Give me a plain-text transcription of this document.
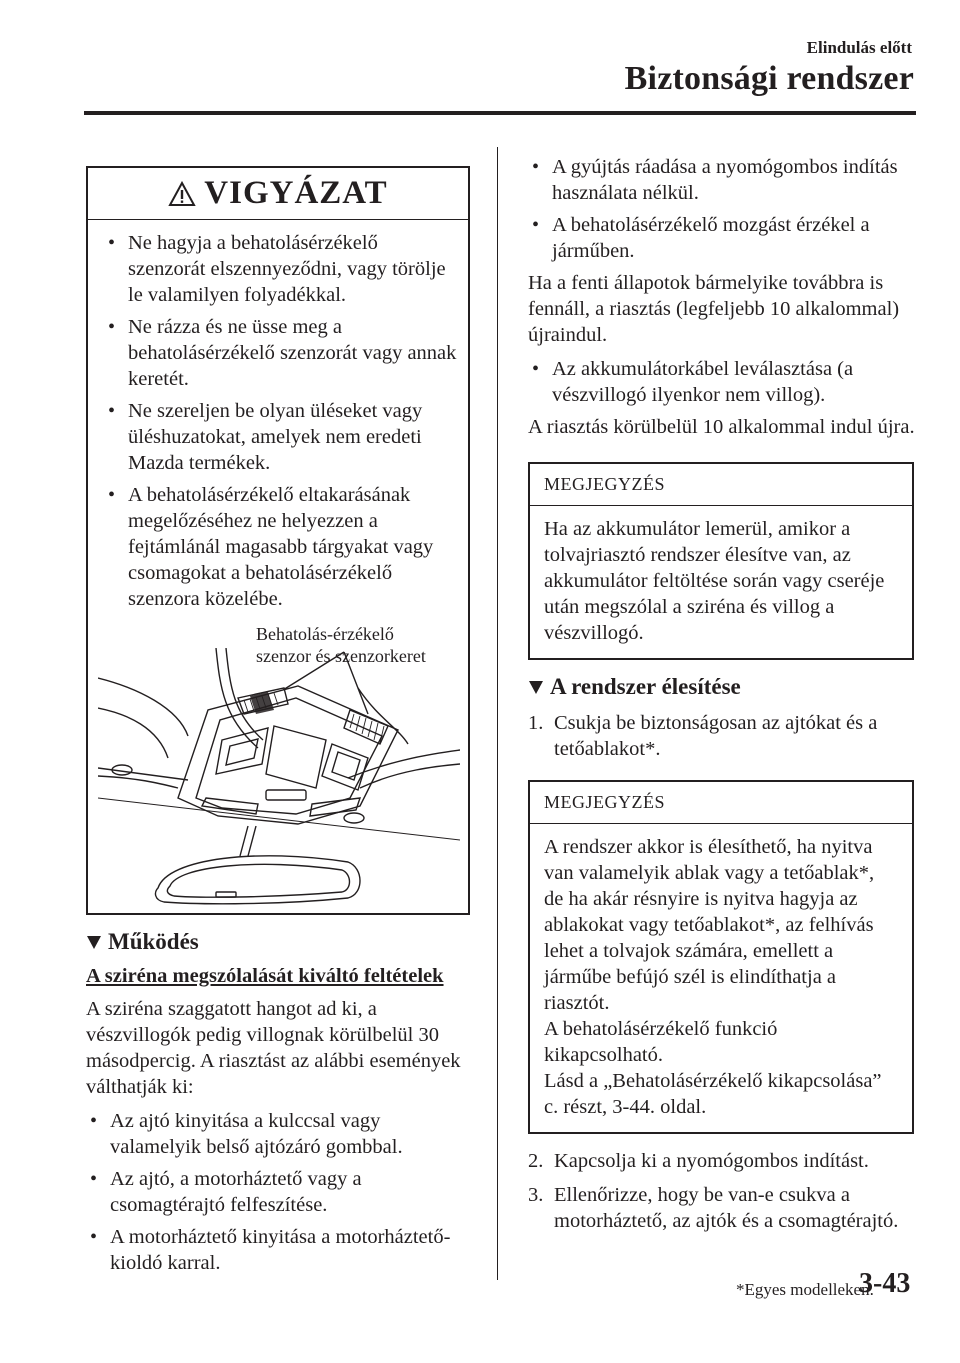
Elindulás előtt
Biztonsági rendszer
VIGYÁZAT
• Ne hagyja a behatolásérzékelő szenzorát elszennyeződni, vagy törölje le valamilyen folyadékkal.
• Ne rázza és ne üsse meg a behatolásérzékelő szenzorát vagy annak keretét.
• Ne szereljen be olyan üléseket vagy üléshuzatokat, amelyek nem eredeti Mazda termékek.
• A behatolásérzékelő eltakarásának megelőzéséhez ne helyezzen a fejtámlánál magasabb tárgyakat vagy csomagokat a behatolásérzékelő szenzora közelébe.
Behatolás-érzékelő
szenzor és szenzorkeret
Működés
A sziréna megszólalását kiváltó feltételek

A sziréna szaggatott hangot ad ki, a vészvillogók pedig villognak körülbelül 30 másodpercig. A riasztást az alábbi események válthatják ki:

• Az ajtó kinyitása a kulccsal vagy valamelyik belső ajtózáró gombbal.
• Az ajtó, a motorháztető vagy a csomagtérajtó felfeszítése.
• A motorháztető kinyitása a motorháztető-kioldó karral.
• A gyújtás ráadása a nyomógombos indítás használata nélkül.
• A behatolásérzékelő mozgást érzékel a járműben.

Ha a fenti állapotok bármelyike továbbra is fennáll, a riasztás (legfeljebb 10 alkalommal) újraindul.

• Az akkumulátorkábel leválasztása (a vészvillogó ilyenkor nem villog).

A riasztás körülbelül 10 alkalommal indul újra.

MEGJEGYZÉS
Ha az akkumulátor lemerül, amikor a tolvajriasztó rendszer élesítve van, az akkumulátor feltöltése során vagy cseréje után megszólal a sziréna és villog a vészvillogó.
A rendszer élesítése
1. Csukja be biztonságosan az ajtókat és a tetőablakot*.
MEGJEGYZÉS
A rendszer akkor is élesíthető, ha nyitva van valamelyik ablak vagy a tetőablak*, de ha akár résnyire is nyitva hagyja az ablakokat vagy tetőablakot*, az felhívás lehet a tolvajok számára, emellett a járműbe befújó szél is elindíthatja a riasztót.
A behatolásérzékelő funkció kikapcsolható.
Lásd a „Behatolásérzékelő kikapcsolása” c. részt, 3-44. oldal.
2. Kapcsolja ki a nyomógombos indítást.
3. Ellenőrizze, hogy be van-e csukva a motorháztető, az ajtók és a csomagtérajtó.
*Egyes modelleken.
3-43
